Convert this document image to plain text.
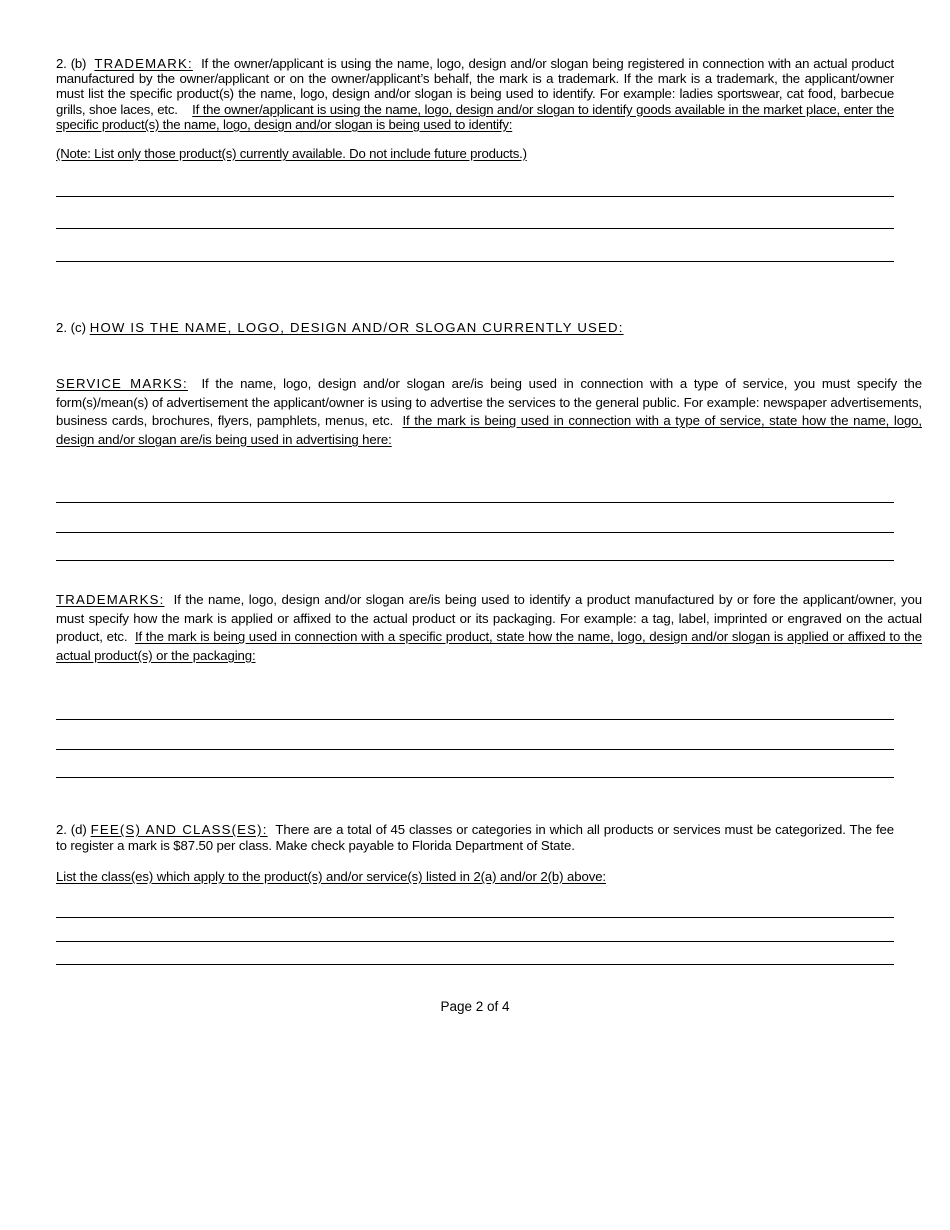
2. (b) TRADEMARK: If the owner/applicant is using the name, logo, design and/or slogan being registered in connection with an actual product manufactured by the owner/applicant or on the owner/applicant’s behalf, the mark is a trademark. If the mark is a trademark, the applicant/owner must list the specific product(s) the name, logo, design and/or slogan is being used to identify. For example: ladies sportswear, cat food, barbecue grills, shoe laces, etc. If the owner/applicant is using the name, logo, design and/or slogan to identify goods available in the market place, enter the specific product(s) the name, logo, design and/or slogan is being used to identify:

(Note: List only those product(s) currently available. Do not include future products.)

2. (c) HOW IS THE NAME, LOGO, DESIGN AND/OR SLOGAN CURRENTLY USED:

SERVICE MARKS: If the name, logo, design and/or slogan are/is being used in connection with a type of service, you must specify the form(s)/mean(s) of advertisement the applicant/owner is using to advertise the services to the general public. For example: newspaper advertisements, business cards, brochures, flyers, pamphlets, menus, etc. If the mark is being used in connection with a type of service, state how the name, logo, design and/or slogan are/is being used in advertising here:

TRADEMARKS: If the name, logo, design and/or slogan are/is being used to identify a product manufactured by or fore the applicant/owner, you must specify how the mark is applied or affixed to the actual product or its packaging. For example: a tag, label, imprinted or engraved on the actual product, etc. If the mark is being used in connection with a specific product, state how the name, logo, design and/or slogan is applied or affixed to the actual product(s) or the packaging:

2. (d) FEE(S) AND CLASS(ES): There are a total of 45 classes or categories in which all products or services must be categorized. The fee to register a mark is $87.50 per class. Make check payable to Florida Department of State.

List the class(es) which apply to the product(s) and/or service(s) listed in 2(a) and/or 2(b) above:

Page 2 of 4
